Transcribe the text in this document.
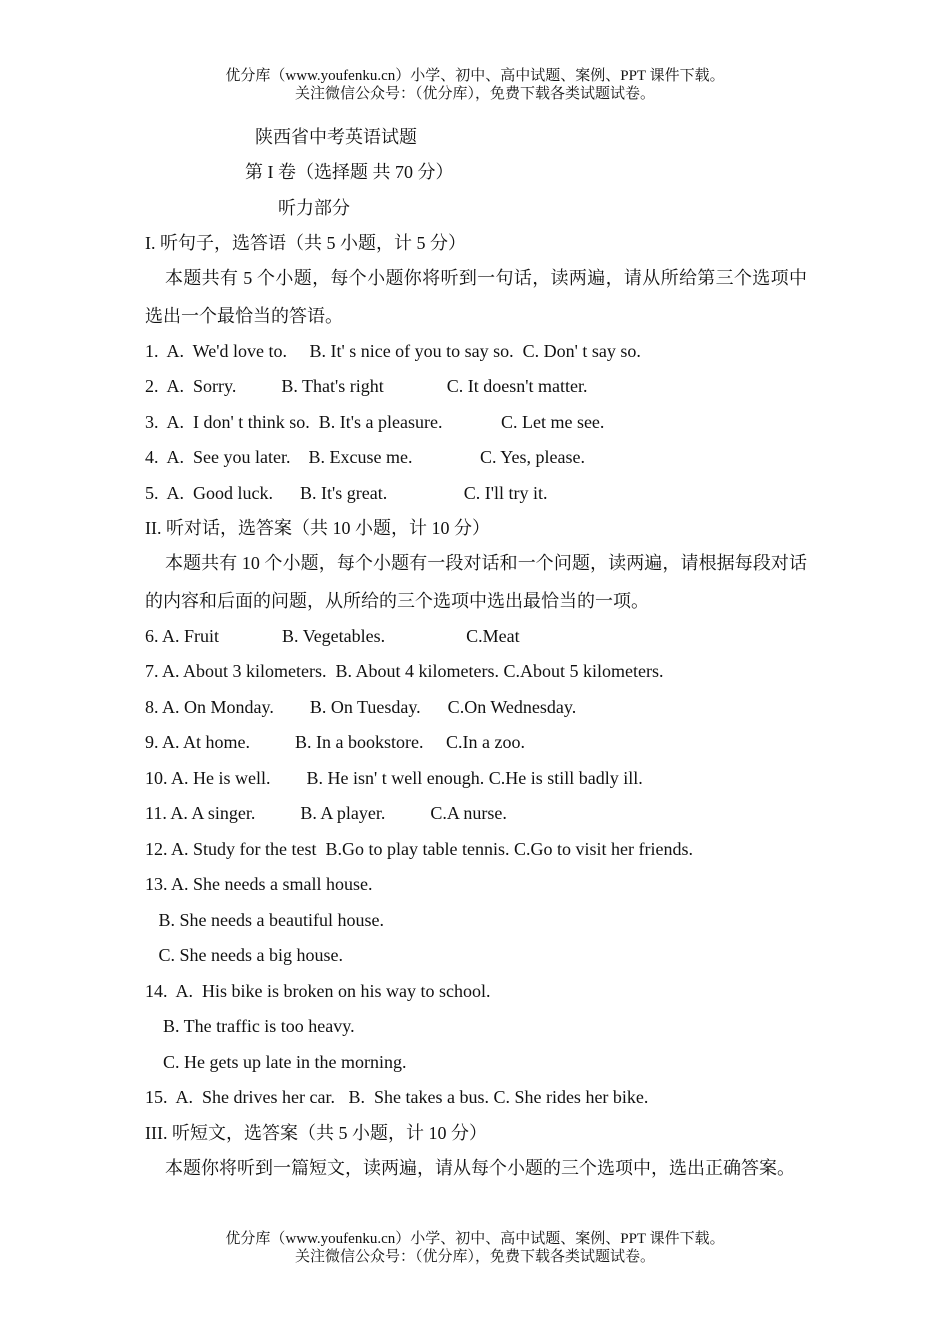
优分库（www.youfenku.cn）小学、初中、高中试题、案例、PPT 课件下载。
关注微信公众号：（优分库），免费下载各类试题试卷。
陕西省中考英语试题
第 I 卷（选择题 共 70 分）
听力部分
I. 听句子，选答语（共 5 小题，计 5 分）

本题共有 5 个小题，每个小题你将听到一句话，读两遍，请从所给第三个选项中选出一个最恰当的答语。

1.  A.  We'd love to.     B. It' s nice of you to say so.  C. Don' t say so.
2.  A.  Sorry.          B. That's right              C. It doesn't matter.
3.  A.  I don' t think so.  B. It's a pleasure.             C. Let me see.
4.  A.  See you later.    B. Excuse me.               C. Yes, please.
5.  A.  Good luck.      B. It's great.                 C. I'll try it.
II. 听对话，选答案（共 10 小题，计 10 分）

本题共有 10 个小题，每个小题有一段对话和一个问题，读两遍，请根据每段对话的内容和后面的问题，从所给的三个选项中选出最恰当的一项。

6. A. Fruit              B. Vegetables.                  C.Meat
7. A. About 3 kilometers.  B. About 4 kilometers. C.About 5 kilometers.
8. A. On Monday.        B. On Tuesday.      C.On Wednesday.
9. A. At home.          B. In a bookstore.     C.In a zoo.
10. A. He is well.        B. He isn' t well enough. C.He is still badly ill.
11. A. A singer.          B. A player.          C.A nurse.
12. A. Study for the test  B.Go to play table tennis. C.Go to visit her friends.
13. A. She needs a small house.
B. She needs a beautiful house.
C. She needs a big house.
14.  A.  His bike is broken on his way to school.
B. The traffic is too heavy.
C. He gets up late in the morning.
15.  A.  She drives her car.   B.  She takes a bus. C. She rides her bike.
III. 听短文，选答案（共 5 小题，计 10 分）

本题你将听到一篇短文，读两遍，请从每个小题的三个选项中，选出正确答案。

优分库（www.youfenku.cn）小学、初中、高中试题、案例、PPT 课件下载。
关注微信公众号：（优分库），免费下载各类试题试卷。
